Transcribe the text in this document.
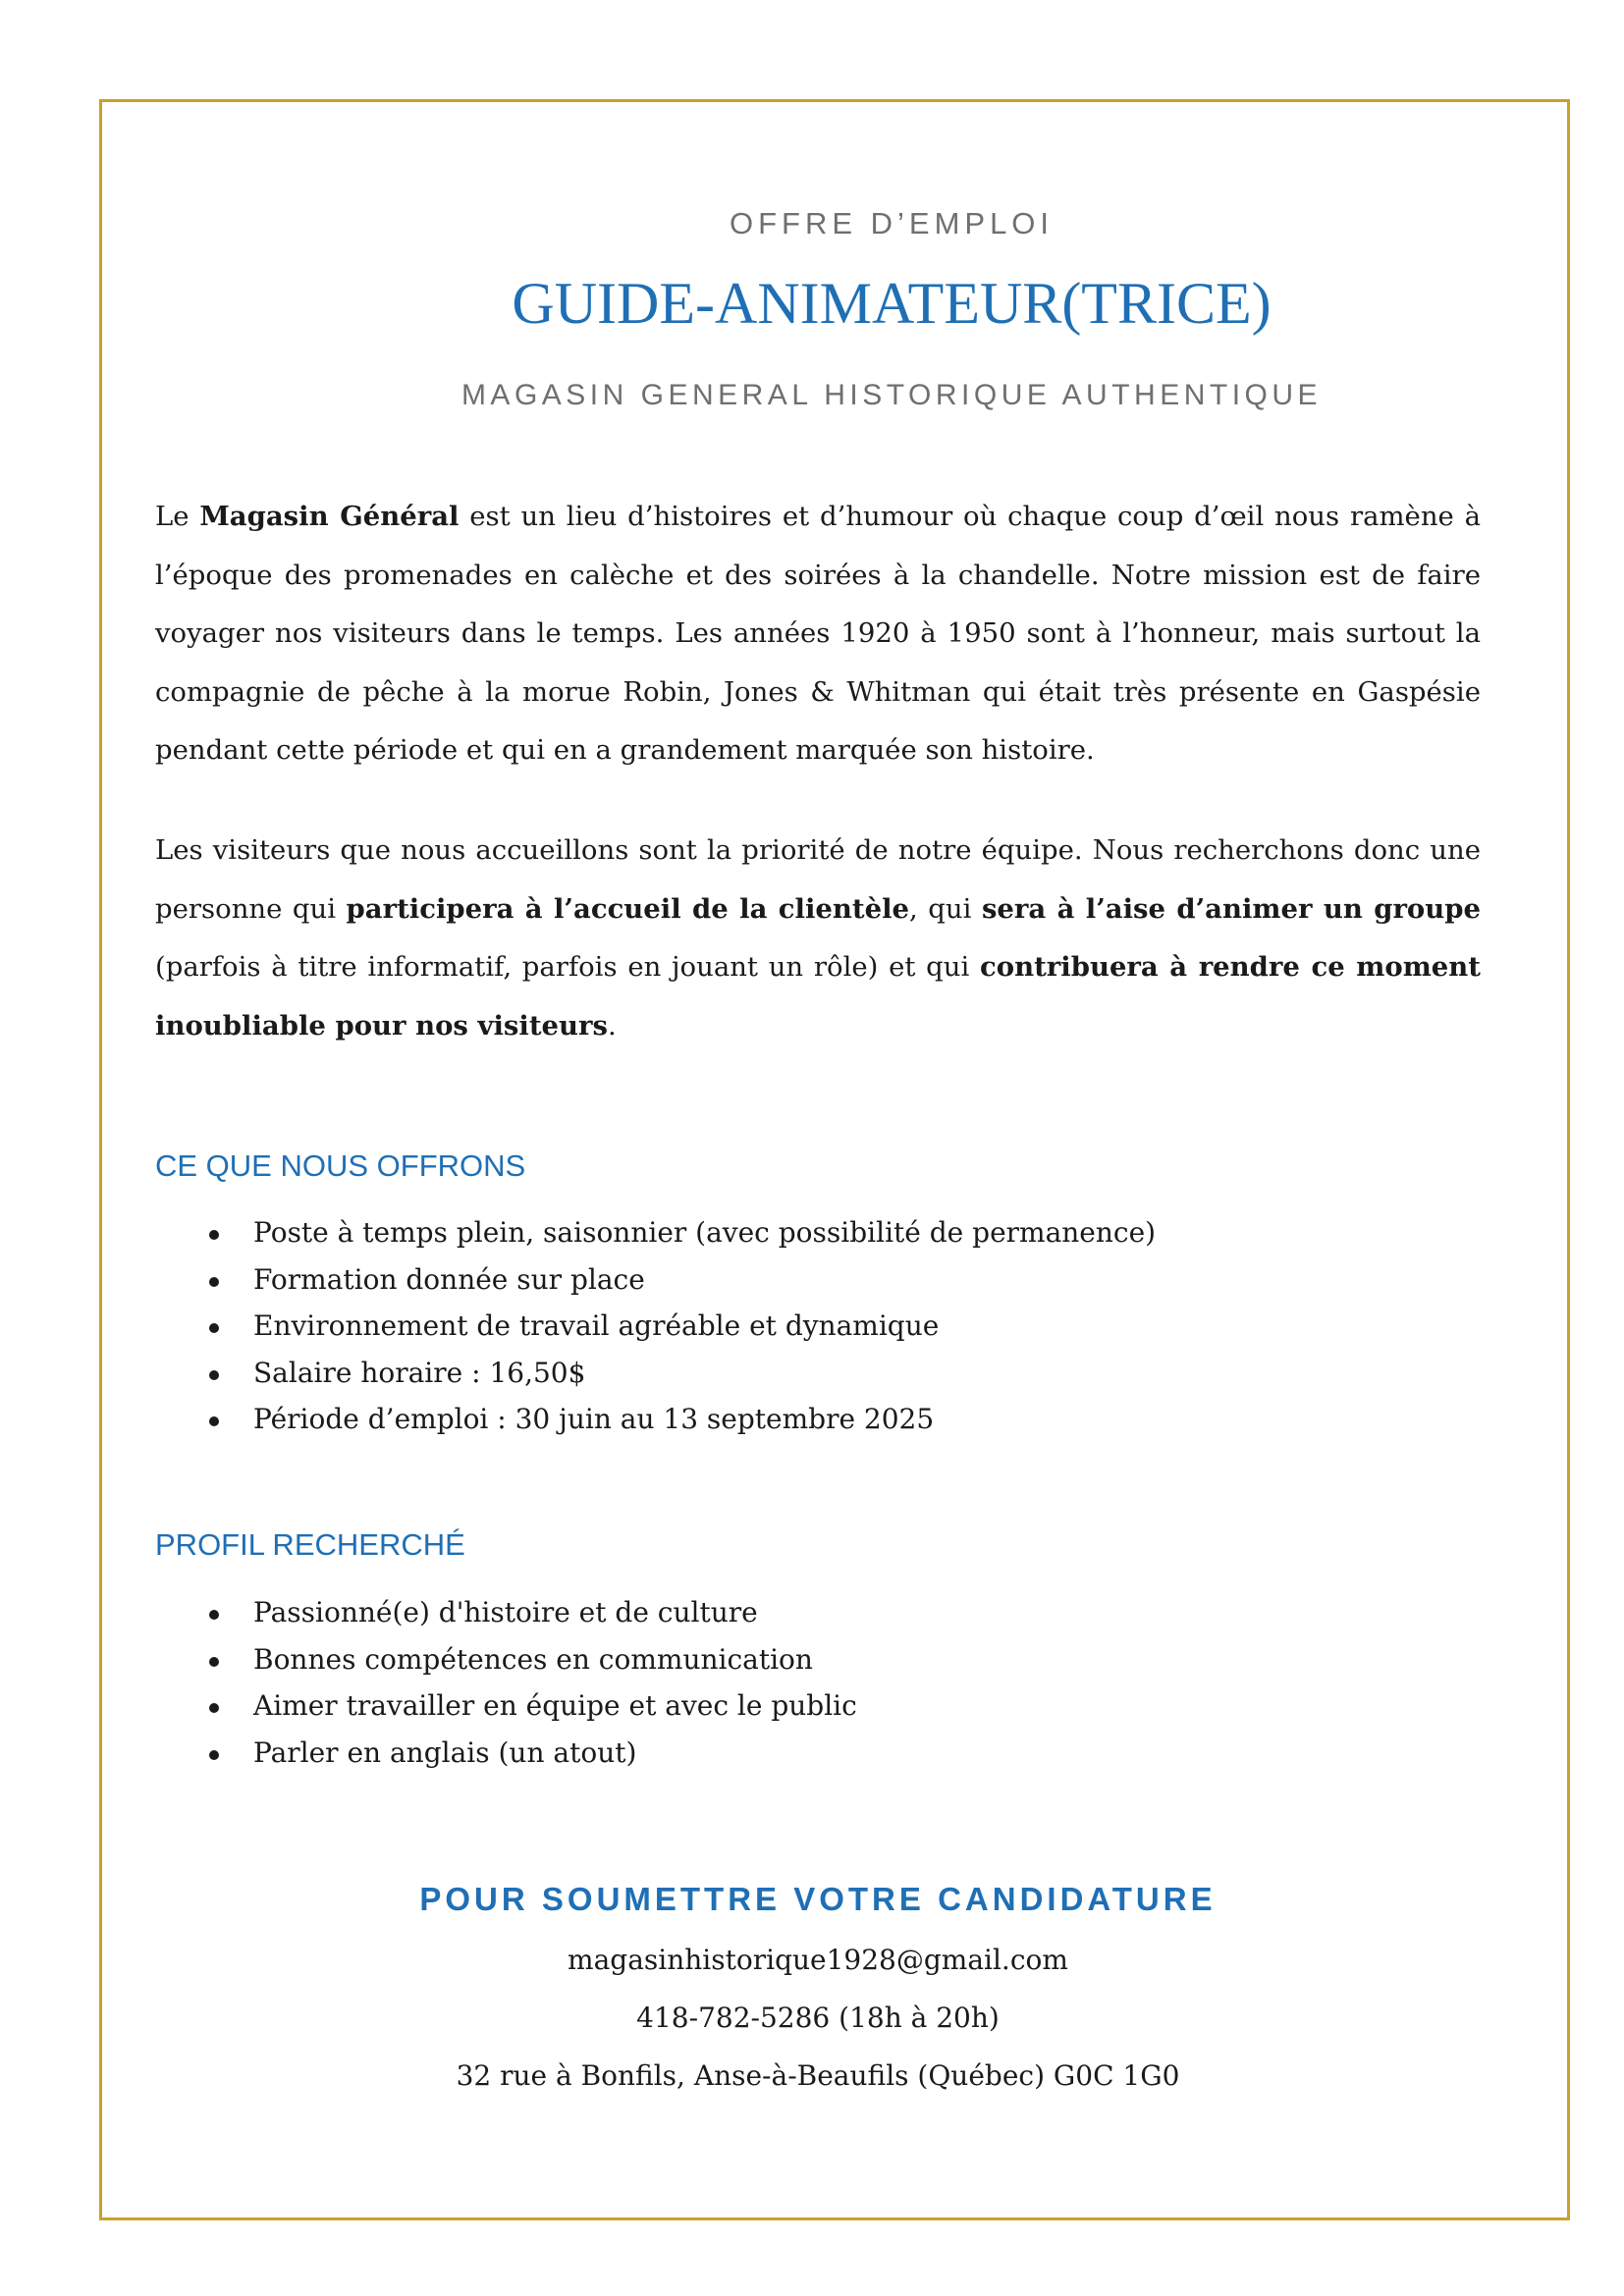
OFFRE D’EMPLOI
GUIDE-ANIMATEUR(TRICE)
MAGASIN GENERAL HISTORIQUE AUTHENTIQUE

Le Magasin Général est un lieu d’histoires et d’humour où chaque coup d’œil nous ramène à l’époque des promenades en calèche et des soirées à la chandelle. Notre mission est de faire voyager nos visiteurs dans le temps. Les années 1920 à 1950 sont à l’honneur, mais surtout la compagnie de pêche à la morue Robin, Jones & Whitman qui était très présente en Gaspésie pendant cette période et qui en a grandement marquée son histoire.

Les visiteurs que nous accueillons sont la priorité de notre équipe. Nous recherchons donc une personne qui participera à l’accueil de la clientèle, qui sera à l’aise d’animer un groupe (parfois à titre informatif, parfois en jouant un rôle) et qui contribuera à rendre ce moment inoubliable pour nos visiteurs.

CE QUE NOUS OFFRONS
Poste à temps plein, saisonnier (avec possibilité de permanence)
Formation donnée sur place
Environnement de travail agréable et dynamique
Salaire horaire : 16,50$
Période d’emploi : 30 juin au 13 septembre 2025
PROFIL RECHERCHÉ
Passionné(e) d'histoire et de culture
Bonnes compétences en communication
Aimer travailler en équipe et avec le public
Parler en anglais (un atout)
POUR SOUMETTRE VOTRE CANDIDATURE
magasinhistorique1928@gmail.com
418-782-5286 (18h à 20h)
32 rue à Bonfils, Anse-à-Beaufils (Québec) G0C 1G0
